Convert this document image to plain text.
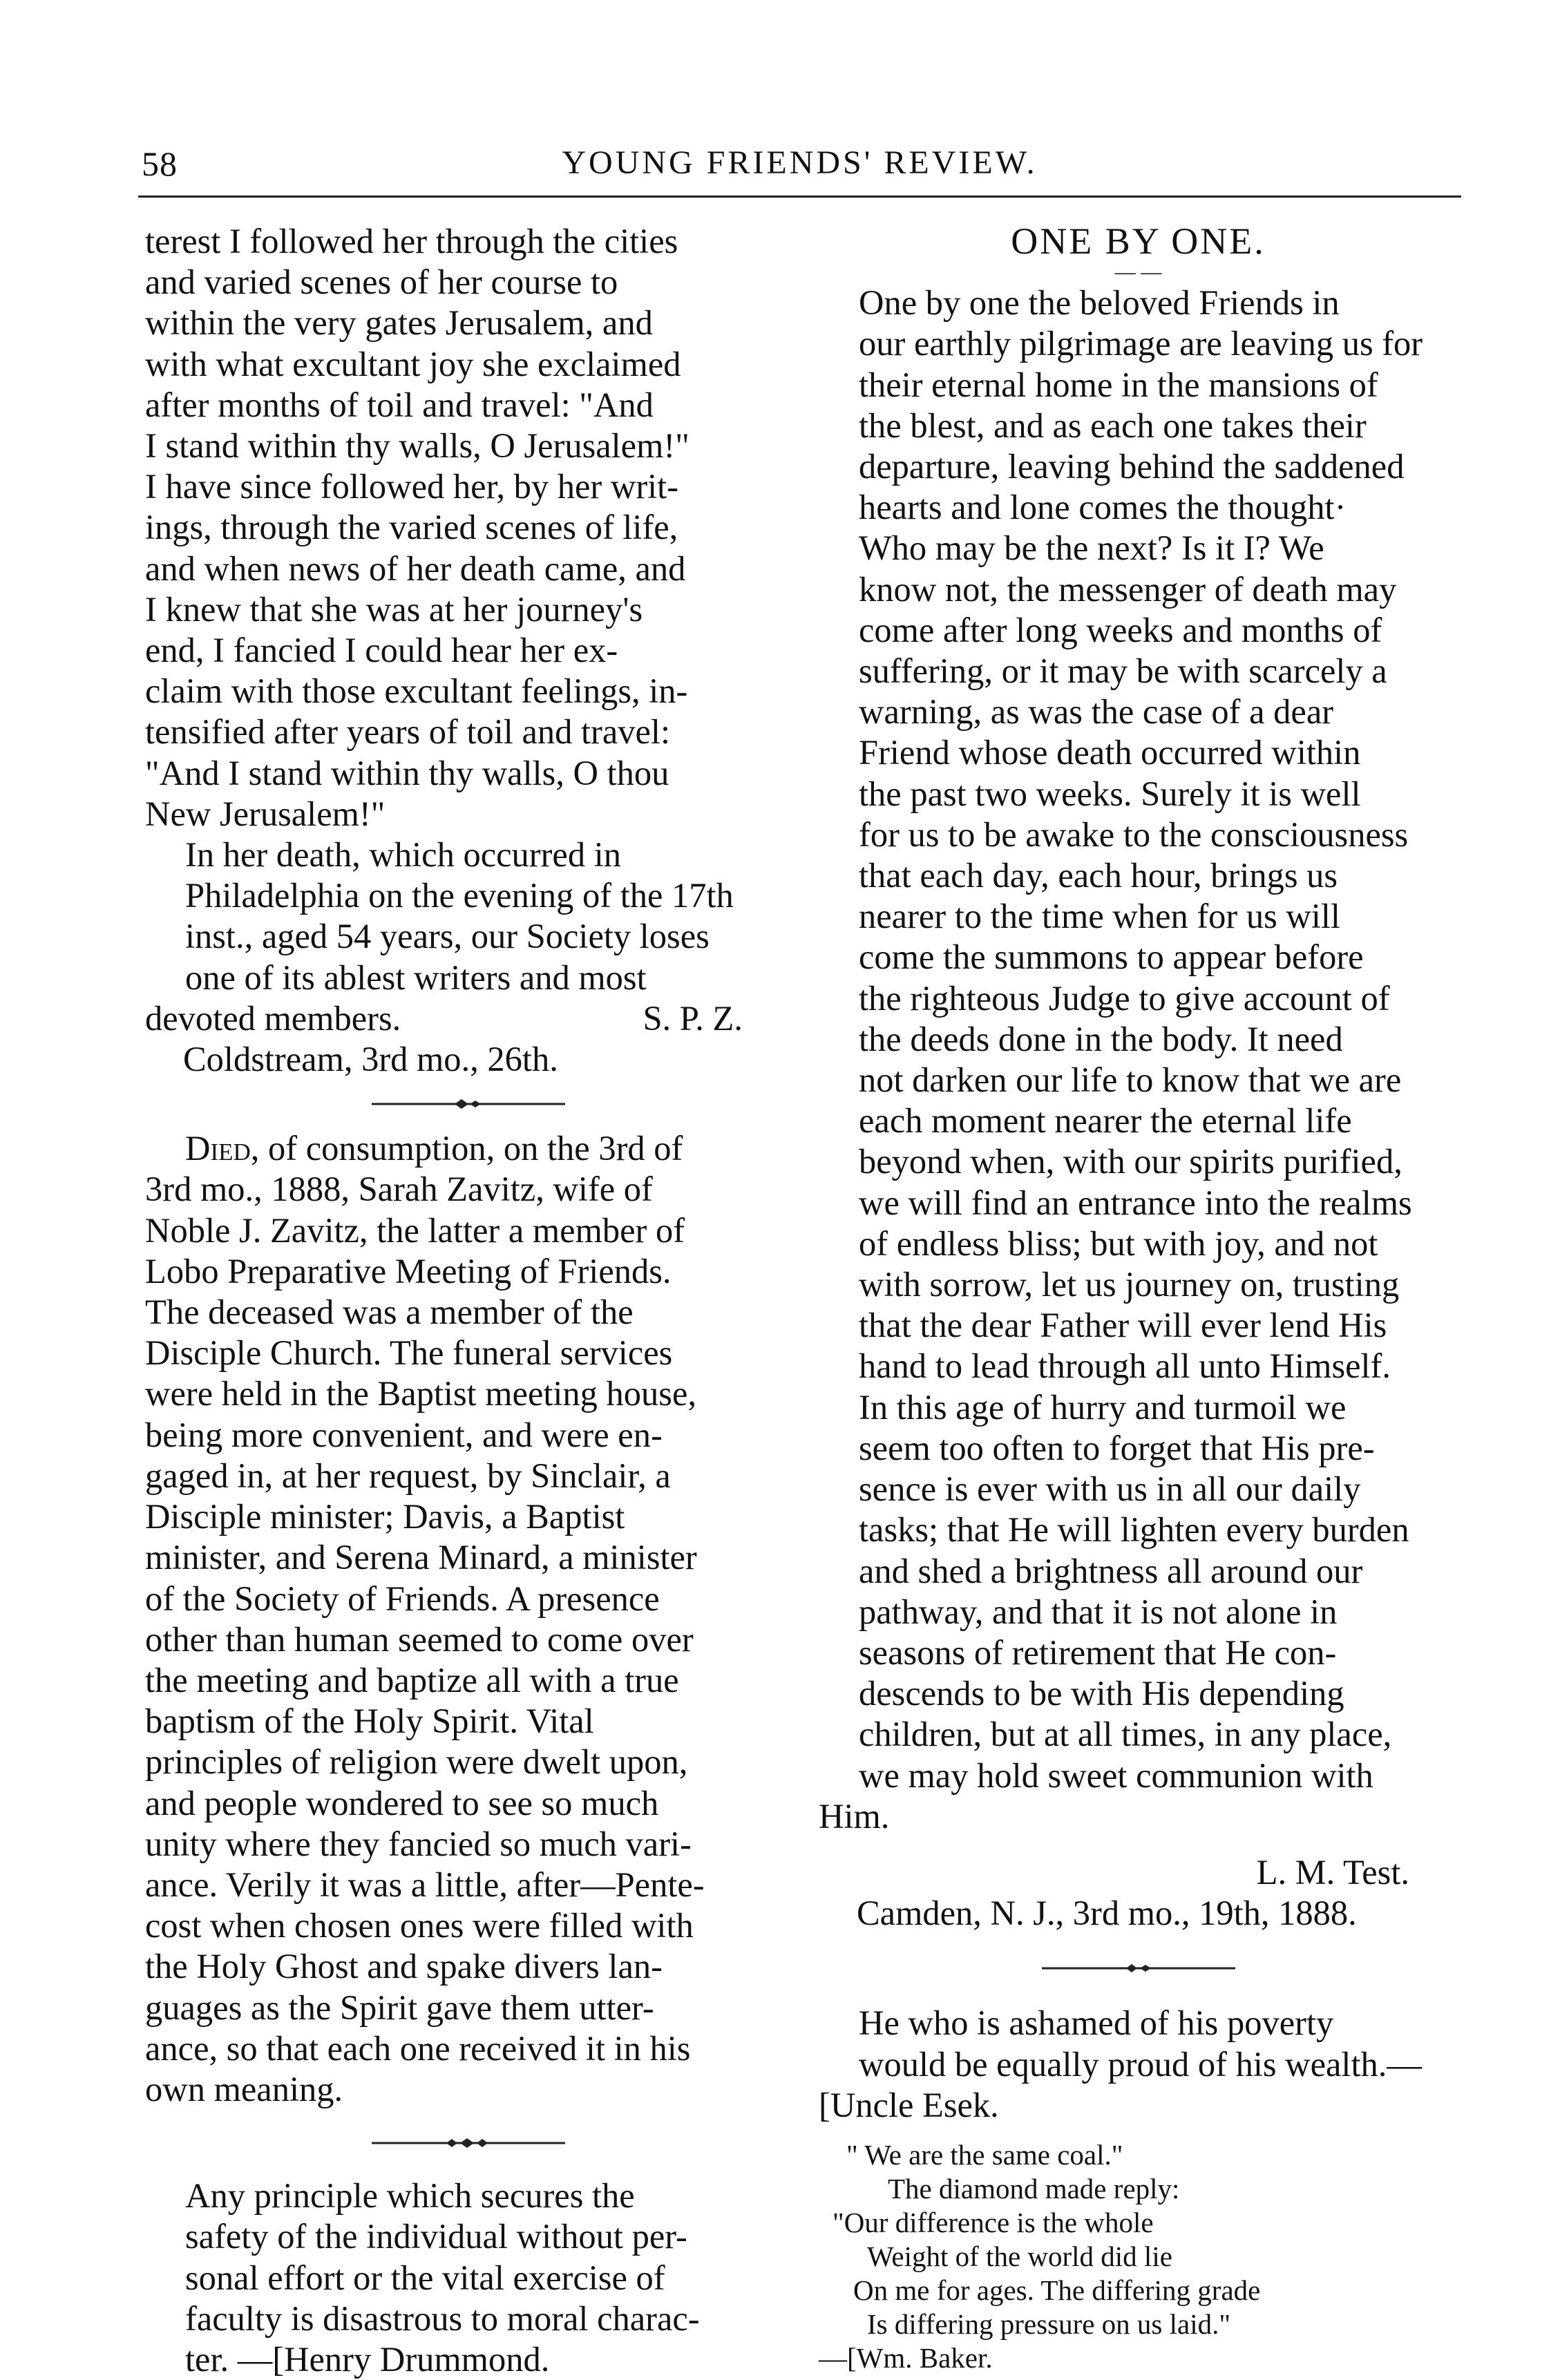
58	YOUNG FRIENDS' REVIEW.
terest I followed her through the cities
and varied scenes of her course to
within the very gates Jerusalem, and
with what excultant joy she exclaimed
after months of toil and travel: "And
I stand within thy walls, O Jerusalem!"
I have since followed her, by her writ-
ings, through the varied scenes of life,
and when news of her death came, and
I knew that she was at her journey's
end, I fancied I could hear her ex-
claim with those excultant feelings, in-
tensified after years of toil and travel:
"And I stand within thy walls, O thou
New Jerusalem!"
In her death, which occurred in
Philadelphia on the evening of the 17th
inst., aged 54 years, our Society loses
one of its ablest writers and most
devoted members.	S. P. Z.
Coldstream, 3rd mo., 26th.
Died, of consumption, on the 3rd of
3rd mo., 1888, Sarah Zavitz, wife of
Noble J. Zavitz, the latter a member of
Lobo Preparative Meeting of Friends.
The deceased was a member of the
Disciple Church. The funeral services
were held in the Baptist meeting house,
being more convenient, and were en-
gaged in, at her request, by Sinclair, a
Disciple minister; Davis, a Baptist
minister, and Serena Minard, a minister
of the Society of Friends. A presence
other than human seemed to come over
the meeting and baptize all with a true
baptism of the Holy Spirit. Vital
principles of religion were dwelt upon,
and people wondered to see so much
unity where they fancied so much vari-
ance. Verily it was a little, after—Pente-
cost when chosen ones were filled with
the Holy Ghost and spake divers lan-
guages as the Spirit gave them utter-
ance, so that each one received it in his
own meaning.
Any principle which secures the
safety of the individual without per-
sonal effort or the vital exercise of
faculty is disastrous to moral charac-
ter. —[Henry Drummond.
ONE BY ONE.
— —
One by one the beloved Friends in
our earthly pilgrimage are leaving us for
their eternal home in the mansions of
the blest, and as each one takes their
departure, leaving behind the saddened
hearts and lone comes the thought·
Who may be the next? Is it I? We
know not, the messenger of death may
come after long weeks and months of
suffering, or it may be with scarcely a
warning, as was the case of a dear
Friend whose death occurred within
the past two weeks. Surely it is well
for us to be awake to the consciousness
that each day, each hour, brings us
nearer to the time when for us will
come the summons to appear before
the righteous Judge to give account of
the deeds done in the body. It need
not darken our life to know that we are
each moment nearer the eternal life
beyond when, with our spirits purified,
we will find an entrance into the realms
of endless bliss; but with joy, and not
with sorrow, let us journey on, trusting
that the dear Father will ever lend His
hand to lead through all unto Himself.
In this age of hurry and turmoil we
seem too often to forget that His pre-
sence is ever with us in all our daily
tasks; that He will lighten every burden
and shed a brightness all around our
pathway, and that it is not alone in
seasons of retirement that He con-
descends to be with His depending
children, but at all times, in any place,
we may hold sweet communion with
Him.
L. M. Test.
Camden, N. J., 3rd mo., 19th, 1888.
He who is ashamed of his poverty
would be equally proud of his wealth.—
[Uncle Esek.
" We are the same coal."
The diamond made reply:
"Our difference is the whole
Weight of the world did lie
On me for ages. The differing grade
Is differing pressure on us laid."
—[Wm. Baker.
